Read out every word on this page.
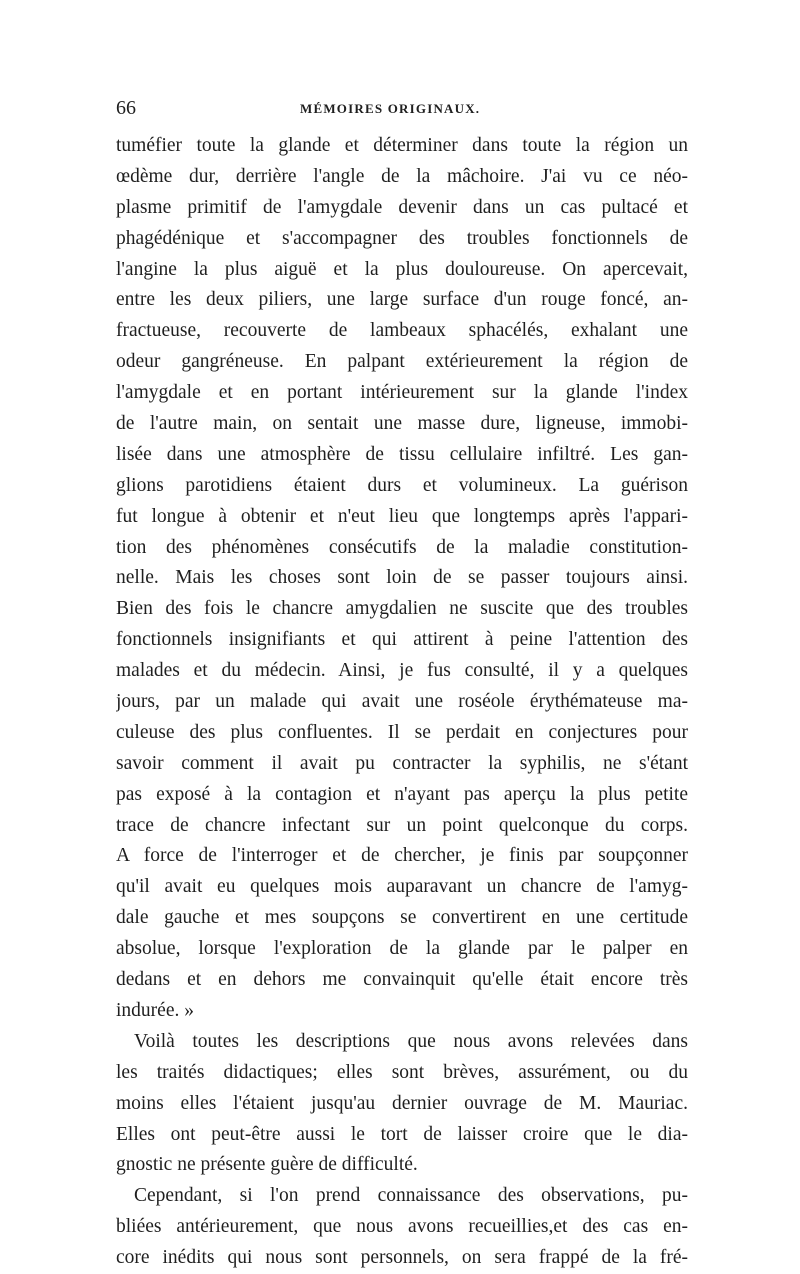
66	MÉMOIRES ORIGINAUX.
tuméfier toute la glande et déterminer dans toute la région un
œdème dur, derrière l'angle de la mâchoire. J'ai vu ce néo-
plasme primitif de l'amygdale devenir dans un cas pultacé et
phagédénique et s'accompagner des troubles fonctionnels de
l'angine la plus aiguë et la plus douloureuse. On apercevait,
entre les deux piliers, une large surface d'un rouge foncé, an-
fractueuse, recouverte de lambeaux sphacélés, exhalant une
odeur gangréneuse. En palpant extérieurement la région de
l'amygdale et en portant intérieurement sur la glande l'index
de l'autre main, on sentait une masse dure, ligneuse, immobi-
lisée dans une atmosphère de tissu cellulaire infiltré. Les gan-
glions parotidiens étaient durs et volumineux. La guérison
fut longue à obtenir et n'eut lieu que longtemps après l'appari-
tion des phénomènes consécutifs de la maladie constitution-
nelle. Mais les choses sont loin de se passer toujours ainsi.
Bien des fois le chancre amygdalien ne suscite que des troubles
fonctionnels insignifiants et qui attirent à peine l'attention des
malades et du médecin. Ainsi, je fus consulté, il y a quelques
jours, par un malade qui avait une roséole érythémateuse ma-
culeuse des plus confluentes. Il se perdait en conjectures pour
savoir comment il avait pu contracter la syphilis, ne s'étant
pas exposé à la contagion et n'ayant pas aperçu la plus petite
trace de chancre infectant sur un point quelconque du corps.
A force de l'interroger et de chercher, je finis par soupçonner
qu'il avait eu quelques mois auparavant un chancre de l'amyg-
dale gauche et mes soupçons se convertirent en une certitude
absolue, lorsque l'exploration de la glande par le palper en
dedans et en dehors me convainquit qu'elle était encore très
indurée. »
Voilà toutes les descriptions que nous avons relevées dans
les traités didactiques; elles sont brèves, assurément, ou du
moins elles l'étaient jusqu'au dernier ouvrage de M. Mauriac.
Elles ont peut-être aussi le tort de laisser croire que le dia-
gnostic ne présente guère de difficulté.
Cependant, si l'on prend connaissance des observations, pu-
bliées antérieurement, que nous avons recueillies,et des cas en-
core inédits qui nous sont personnels, on sera frappé de la fré-
